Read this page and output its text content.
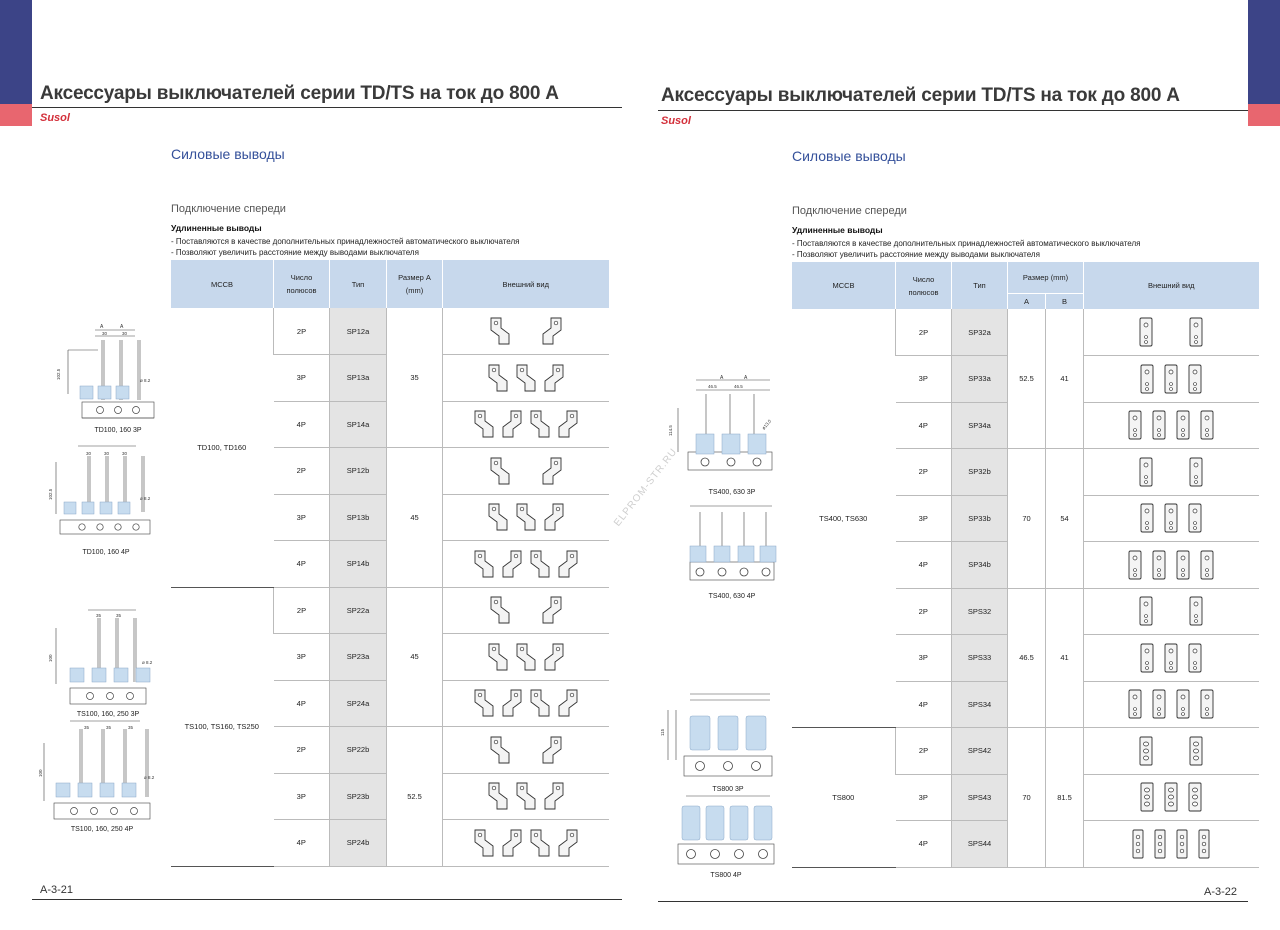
Аксессуары выключателей серии TD/TS на ток до 800 А
Susol
Силовые выводы
Подключение спереди
Удлиненные выводы
- Поставляются в качестве дополнительных принадлежностей автоматического выключателя
- Позволяют увеличить расстояние между выводами выключателя
MCCB	Число полюсов	Тип	Размер А (mm)	Внешний вид
TD100, TD160	2P	SP12a	35	

	3P	SP13a	

	4P	SP14a	

	2P	SP12b	45	

	3P	SP13b	

	4P	SP14b	

TS100, TS160, TS250	2P	SP22a	45	

	3P	SP23a	

	4P	SP24a	

	2P	SP22b	52.5	

	3P	SP23b	

	4P	SP24b	
A	A
30	30
102.5
ø 8.2
TD100, 160 3P
30	30	30
102.5	ø 8.2
TD100, 160 4P
35	35
100
ø 8.2
TS100, 160, 250 3P
35	35	35
100
ø 8.2
TS100, 160, 250 4P
A-3-21
Аксессуары выключателей серии TD/TS на ток до 800 А
Susol
Силовые выводы
Подключение спереди
Удлиненные выводы
- Поставляются в качестве дополнительных принадлежностей автоматического выключателя
- Позволяют увеличить расстояние между выводами выключателя
MCCB	Число полюсов	Тип	Размер (mm)		Внешний вид
			A	B	
TS400, TS630	2P	SP32a	52.5	41	

	3P	SP33a	

	4P	SP34a	

	2P	SP32b	70	54	

	3P	SP33b	

	4P	SP34b	

	2P	SPS32	46.5	41	

	3P	SPS33	

	4P	SPS34	

TS800	2P	SPS42	70	81.5	

	3P	SPS43	

	4P	SPS44	
A	A
46.5	46.5
114.5	ø13.0
TS400, 630 3P
TS400, 630 4P
115
TS800 3P
TS800 4P
A-3-22
ELPROM-STR.RU
